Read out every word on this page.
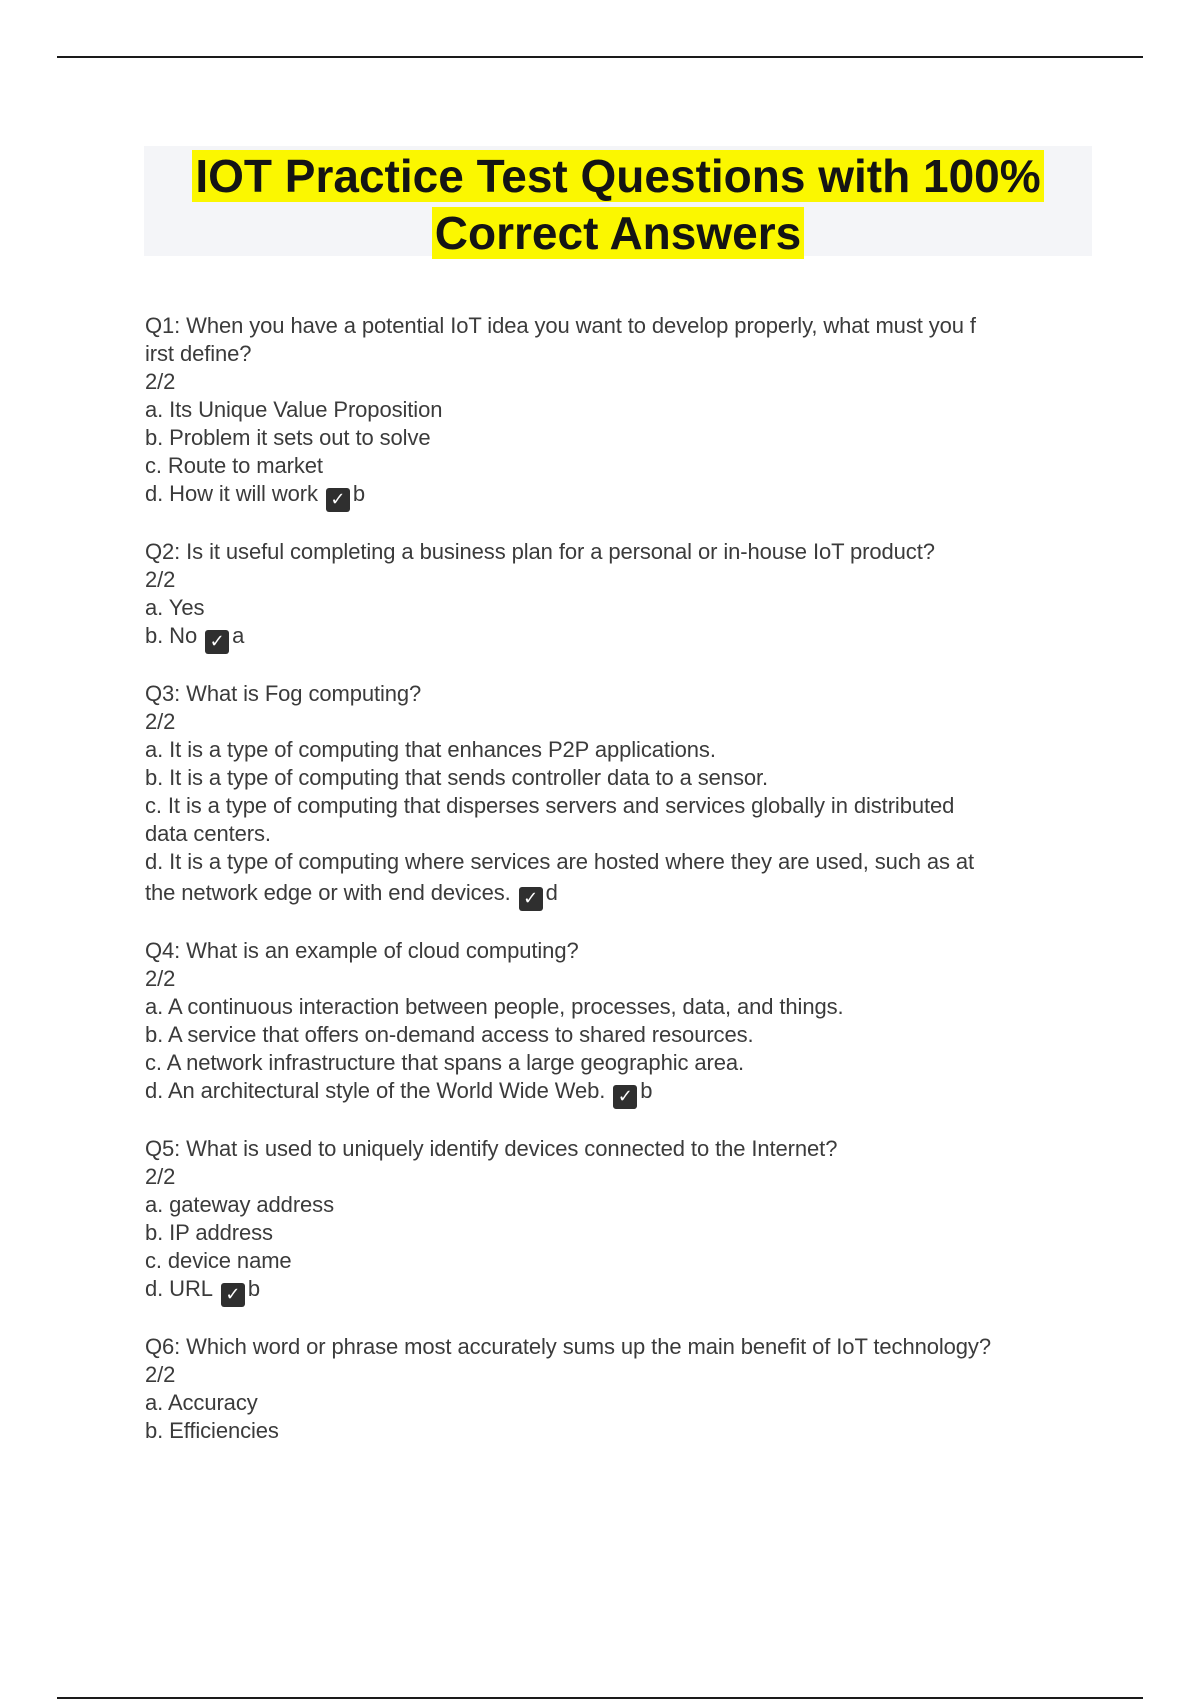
IOT Practice Test Questions with 100%
Correct Answers

Q1: When you have a potential IoT idea you want to develop properly, what must you f

irst define?

2/2

a. Its Unique Value Proposition

b. Problem it sets out to solve

c. Route to market

d. How it will work ✓ b

Q2: Is it useful completing a business plan for a personal or in-house IoT product?

2/2

a. Yes

b. No ✓ a

Q3: What is Fog computing?

2/2

a. It is a type of computing that enhances P2P applications.

b. It is a type of computing that sends controller data to a sensor.

c. It is a type of computing that disperses servers and services globally in distributed

data centers.

d. It is a type of computing where services are hosted where they are used, such as at

the network edge or with end devices. ✓ d

Q4: What is an example of cloud computing?

2/2

a. A continuous interaction between people, processes, data, and things.

b. A service that offers on-demand access to shared resources.

c. A network infrastructure that spans a large geographic area.

d. An architectural style of the World Wide Web. ✓ b

Q5: What is used to uniquely identify devices connected to the Internet?

2/2

a. gateway address

b. IP address

c. device name

d. URL ✓ b

Q6: Which word or phrase most accurately sums up the main benefit of IoT technology?

2/2

a. Accuracy

b. Efficiencies
